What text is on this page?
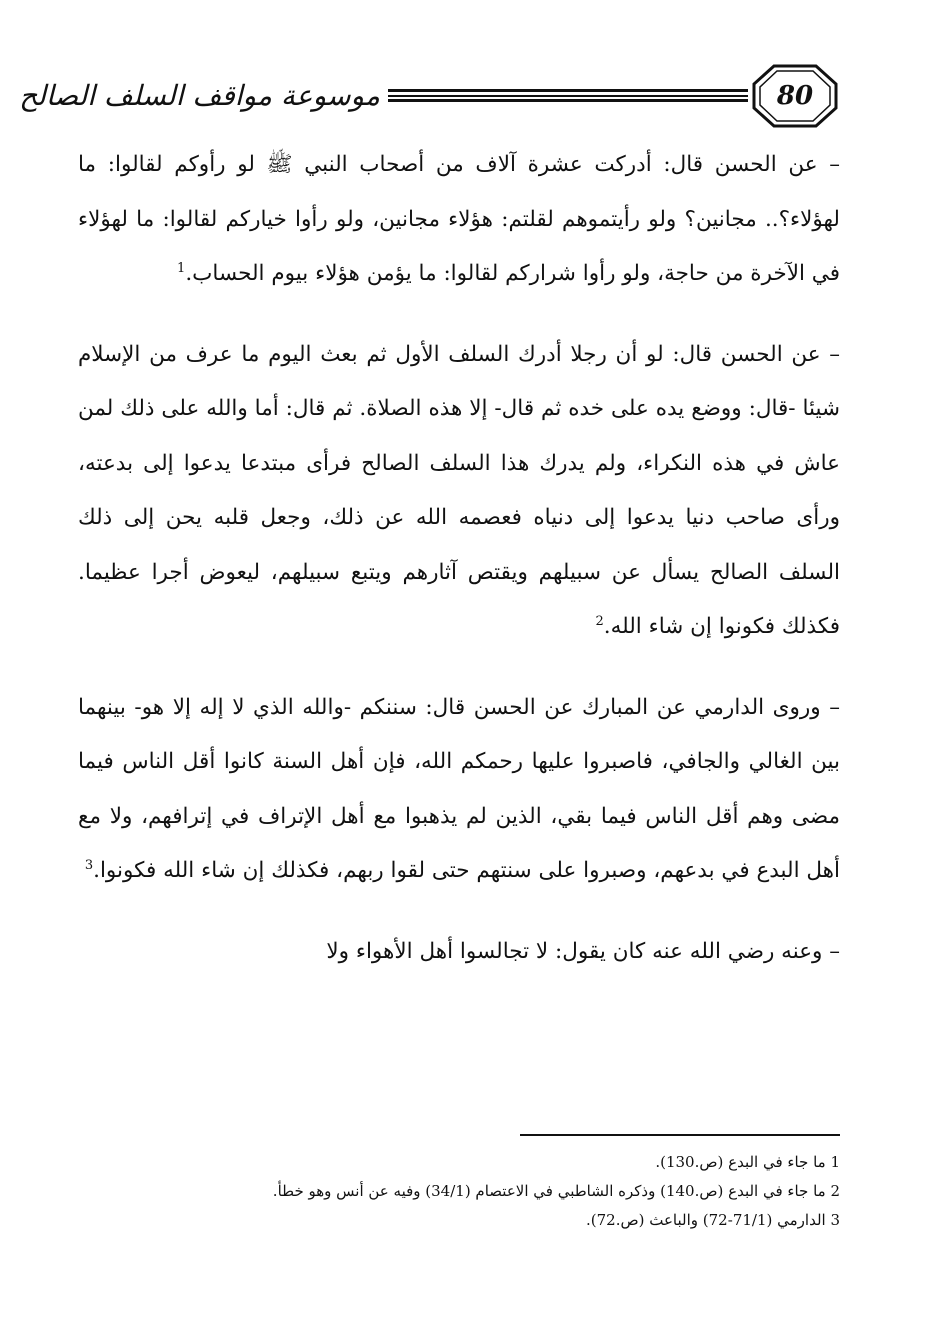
موسوعة مواقف السلف الصالح	80

– عن الحسن قال: أدركت عشرة آلاف من أصحاب النبي ﷺ لو رأوكم لقالوا: ما لهؤلاء؟.. مجانين؟ ولو رأيتموهم لقلتم: هؤلاء مجانين، ولو رأوا خياركم لقالوا: ما لهؤلاء في الآخرة من حاجة، ولو رأوا شراركم لقالوا: ما يؤمن هؤلاء بيوم الحساب.$^1$

– عن الحسن قال: لو أن رجلا أدرك السلف الأول ثم بعث اليوم ما عرف من الإسلام شيئا -قال: ووضع يده على خده ثم قال- إلا هذه الصلاة. ثم قال: أما والله على ذلك لمن عاش في هذه النكراء، ولم يدرك هذا السلف الصالح فرأى مبتدعا يدعوا إلى بدعته، ورأى صاحب دنيا يدعوا إلى دنياه فعصمه الله عن ذلك، وجعل قلبه يحن إلى ذلك السلف الصالح يسأل عن سبيلهم ويقتص آثارهم ويتبع سبيلهم، ليعوض أجرا عظيما. فكذلك فكونوا إن شاء الله.$^2$

– وروى الدارمي عن المبارك عن الحسن قال: سننكم -والله الذي لا إله إلا هو- بينهما بين الغالي والجافي، فاصبروا عليها رحمكم الله، فإن أهل السنة كانوا أقل الناس فيما مضى وهم أقل الناس فيما بقي، الذين لم يذهبوا مع أهل الإتراف في إترافهم، ولا مع أهل البدع في بدعهم، وصبروا على سنتهم حتى لقوا ربهم، فكذلك إن شاء الله فكونوا.$^3$

– وعنه رضي الله عنه كان يقول: لا تجالسوا أهل الأهواء ولا

1 ما جاء في البدع (ص.130).

2 ما جاء في البدع (ص.140) وذكره الشاطبي في الاعتصام (34/1) وفيه عن أنس وهو خطأ.

3 الدارمي (71/1-72) والباعث (ص.72).
